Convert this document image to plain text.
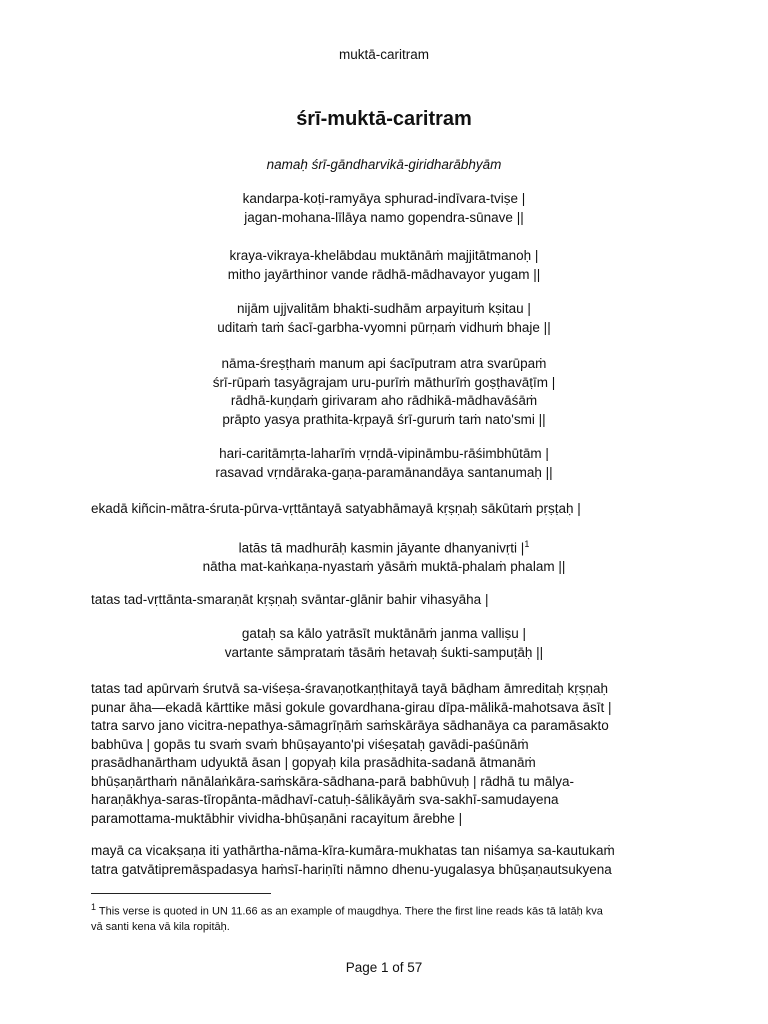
muktā-caritram
śrī-muktā-caritram
namaḥ śrī-gāndharvikā-giridharābhyām
kandarpa-koṭi-ramyāya sphurad-indīvara-tviṣe |
jagan-mohana-līlāya namo gopendra-sūnave ||
kraya-vikraya-khelābdau muktānāṁ majjitātmanoḥ |
mitho jayārthinor vande rādhā-mādhavayor yugam ||
nijām ujjvalitām bhakti-sudhām arpayituṁ kṣitau |
uditaṁ taṁ śacī-garbha-vyomni pūrṇaṁ vidhuṁ bhaje ||
nāma-śreṣṭhaṁ manum api śacīputram atra svarūpaṁ
śrī-rūpaṁ tasyāgrajam uru-purīṁ māthurīṁ goṣṭhavāṭīm |
rādhā-kuṇḍaṁ girivaram aho rādhikā-mādhavāśāṁ
prāpto yasya prathita-kṛpayā śrī-guruṁ taṁ nato'smi ||
hari-caritāmṛta-laharīṁ vṛndā-vipināmbu-rāśimbhūtām |
rasavad vṛndāraka-gaṇa-paramānandāya santanumaḥ ||
ekadā kiñcin-mātra-śruta-pūrva-vṛttāntayā satyabhāmayā kṛṣṇaḥ sākūtaṁ pṛṣṭaḥ |
latās tā madhurāḥ kasmin jāyante dhanyanivṛti $|^1$
nātha mat-kaṅkaṇa-nyastaṁ yāsāṁ muktā-phalaṁ phalam ||
tatas tad-vṛttānta-smaraṇāt kṛṣṇaḥ svāntar-glānir bahir vihasyāha |
gataḥ sa kālo yatrāsīt muktānāṁ janma valliṣu |
vartante sāmprataṁ tāsāṁ hetavaḥ śukti-sampuṭāḥ ||
tatas tad apūrvaṁ śrutvā sa-viśeṣa-śravaṇotkaṇṭhitayā tayā bāḍham āmreditaḥ kṛṣṇaḥ
punar āha—ekadā kārttike māsi gokule govardhana-girau dīpa-mālikā-mahotsava āsīt |
tatra sarvo jano vicitra-nepathya-sāmagrīṇāṁ saṁskārāya sādhanāya ca paramāsakto
babhūva | gopās tu svaṁ svaṁ bhūṣayanto'pi viśeṣataḥ gavādi-paśūnāṁ
prasādhanārtham udyuktā āsan | gopyaḥ kila prasādhita-sadanā ātmanāṁ
bhūṣaṇārthaṁ nānālaṅkāra-saṁskāra-sādhana-parā babhūvuḥ | rādhā tu mālya-
haraṇākhya-saras-tīropānta-mādhavī-catuḥ-śālikāyāṁ sva-sakhī-samudayena
paramottama-muktābhir vividha-bhūṣaṇāni racayitum ārebhe |
mayā ca vicakṣaṇa iti yathārtha-nāma-kīra-kumāra-mukhatas tan niśamya sa-kautukaṁ
tatra gatvātipremāspadasya haṁsī-hariṇīti nāmno dhenu-yugalasya bhūṣaṇautsukyena
$^1$ This verse is quoted in UN 11.66 as an example of maugdhya. There the first line reads kās tā latāḥ kva
vā santi kena vā kila ropitāḥ.
Page 1 of 57
